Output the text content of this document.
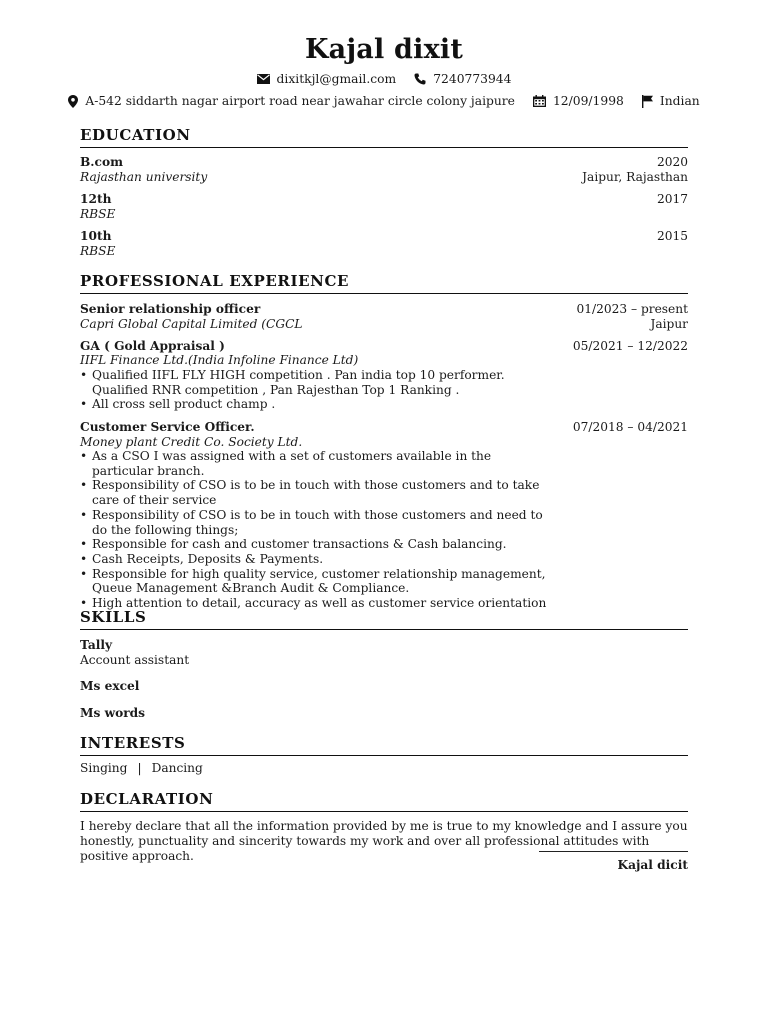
Kajal dixit
dixitkjl@gmail.com	7240773944
A-542 siddarth nagar airport road near jawahar circle colony jaipure	12/09/1998	Indian
EDUCATION
B.com	2020
Rajasthan university	Jaipur, Rajasthan
12th	2017
RBSE
10th	2015
RBSE
PROFESSIONAL EXPERIENCE
Senior relationship officer	01/2023 – present
Capri Global Capital Limited (CGCL	Jaipur
GA ( Gold Appraisal )	05/2021 – 12/2022
IIFL Finance Ltd.(India Infoline Finance Ltd)
• Qualified IIFL FLY HIGH competition . Pan india top 10 performer. Qualified RNR competition , Pan Rajesthan Top 1 Ranking .
• All cross sell product champ .
Customer Service Officer.	07/2018 – 04/2021
Money plant Credit Co. Society Ltd.
• As a CSO I was assigned with a set of customers available in the particular branch.
• Responsibility of CSO is to be in touch with those customers and to take care of their service
• Responsibility of CSO is to be in touch with those customers and need to do the following things;
• Responsible for cash and customer transactions & Cash balancing.
• Cash Receipts, Deposits & Payments.
• Responsible for high quality service, customer relationship management, Queue Management &Branch Audit & Compliance.
• High attention to detail, accuracy as well as customer service orientation
SKILLS
Tally
Account assistant
Ms excel
Ms words
INTERESTS
Singing | Dancing
DECLARATION
I hereby declare that all the information provided by me is true to my knowledge and I assure you honestly, punctuality and sincerity towards my work and over all professional attitudes with positive approach.
Kajal dicit
